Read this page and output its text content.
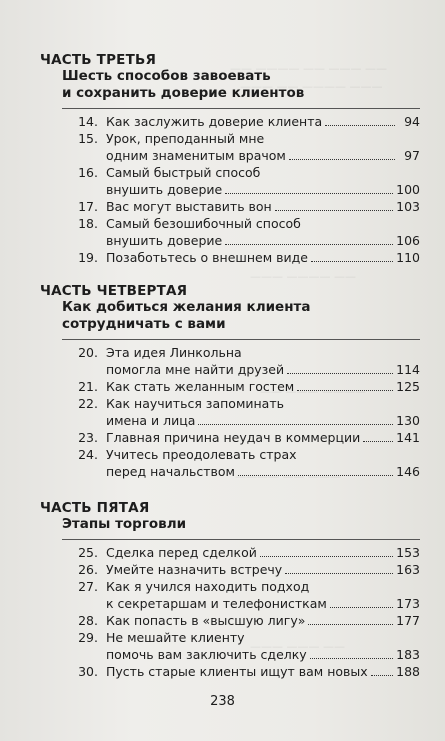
—— ———— —— ——— ——
——— —— ———— ———
——— ———— ——
—— ——— ————
———— —— ———
——— ——— ——
ЧАСТЬ ТРЕТЬЯ
Шесть способов завоевать
и сохранить доверие клиентов
14. Как заслужить доверие клиента	94
15. Урок, преподанный мне
одним знаменитым врачом	97
16. Самый быстрый способ
внушить доверие	100
17. Вас могут выставить вон	103
18. Самый безошибочный способ
внушить доверие	106
19. Позаботьтесь о внешнем виде	110
ЧАСТЬ ЧЕТВЕРТАЯ
Как добиться желания клиента
сотрудничать с вами
20. Эта идея Линкольна
помогла мне найти друзей	114
21. Как стать желанным гостем	125
22. Как научиться запоминать
имена и лица	130
23. Главная причина неудач в коммерции	141
24. Учитесь преодолевать страх
перед начальством	146
ЧАСТЬ ПЯТАЯ
Этапы торговли
25. Сделка перед сделкой	153
26. Умейте назначить встречу	163
27. Как я учился находить подход
к секретаршам и телефонисткам	173
28. Как попасть в «высшую лигу»	177
29. Не мешайте клиенту
помочь вам заключить сделку	183
30. Пусть старые клиенты ищут вам новых 188
238
